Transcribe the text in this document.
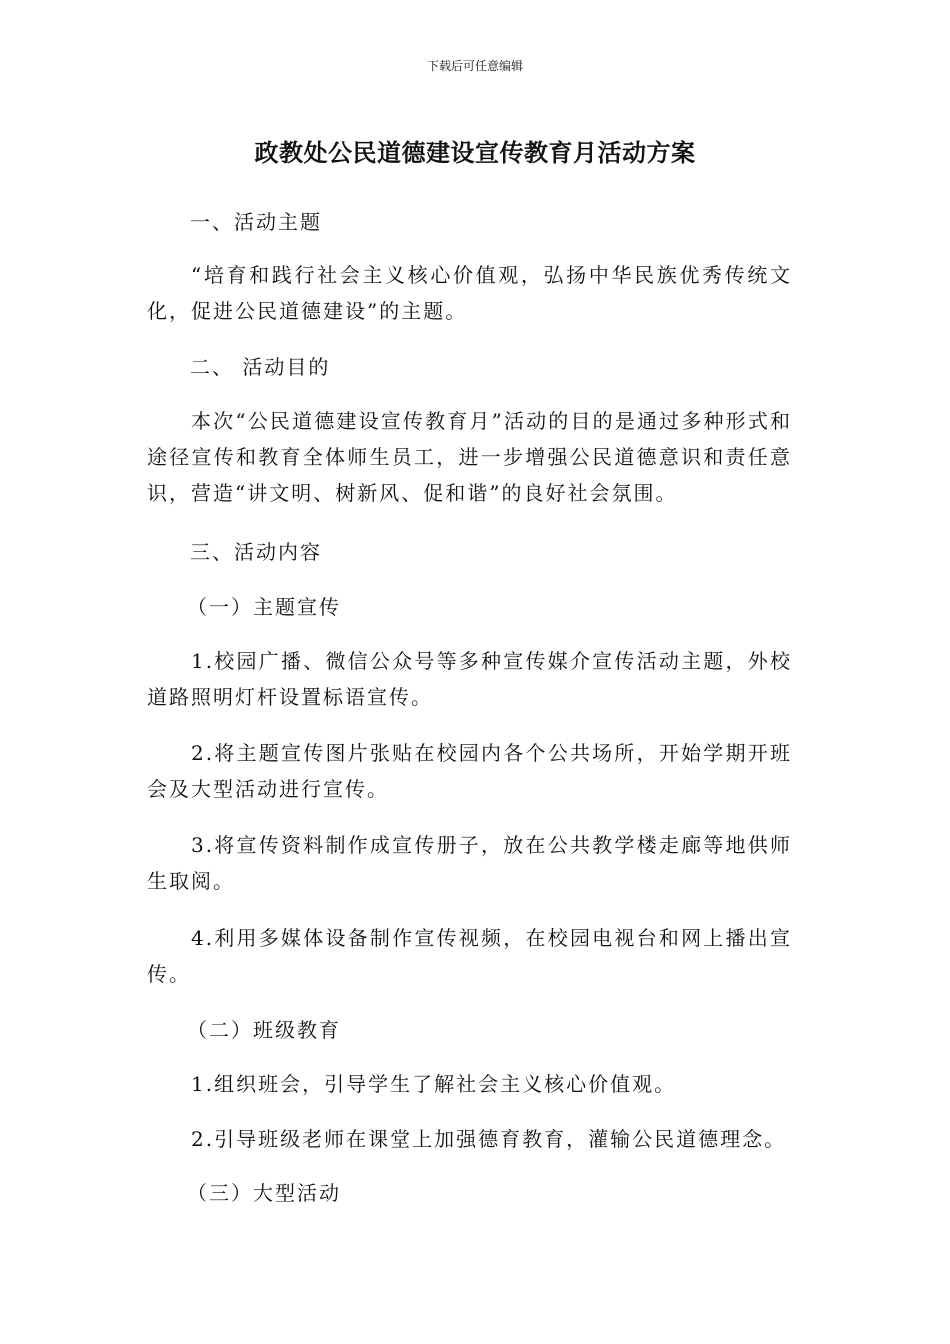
下载后可任意编辑
政教处公民道德建设宣传教育月活动方案

一、活动主题

“培育和践行社会主义核心价值观，弘扬中华民族优秀传统文化，促进公民道德建设”的主题。

二、 活动目的

本次“公民道德建设宣传教育月”活动的目的是通过多种形式和途径宣传和教育全体师生员工，进一步增强公民道德意识和责任意识，营造“讲文明、树新风、促和谐”的良好社会氛围。

三、活动内容

（一）主题宣传

1.校园广播、微信公众号等多种宣传媒介宣传活动主题，外校道路照明灯杆设置标语宣传。

2.将主题宣传图片张贴在校园内各个公共场所，开始学期开班会及大型活动进行宣传。

3.将宣传资料制作成宣传册子，放在公共教学楼走廊等地供师生取阅。

4.利用多媒体设备制作宣传视频，在校园电视台和网上播出宣传。

（二）班级教育

1.组织班会，引导学生了解社会主义核心价值观。

2.引导班级老师在课堂上加强德育教育，灌输公民道德理念。

（三）大型活动
